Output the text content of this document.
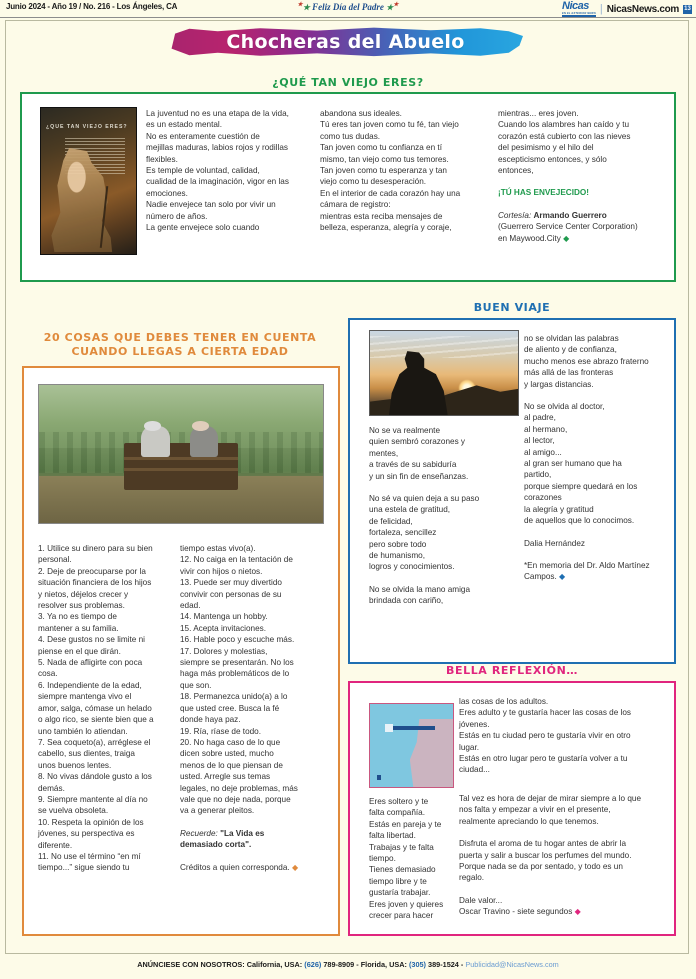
Junio 2024 - Año 19 / No. 216 - Los Ángeles, CA	★★ Feliz Día del Padre ★★	Nicas
EN EL EXTERIOR NEWS | NicasNews.com 13
Chocheras del Abuelo
¿QUÉ TAN VIEJO ERES?
¿QUE TAN VIEJO ERES?

La juventud no es una etapa de la vida,

es un estado mental.

No es enteramente cuestión de

mejillas maduras, labios rojos y rodillas

flexibles.

Es temple de voluntad, calidad,

cualidad de la imaginación, vigor en las

emociones.

Nadie envejece tan solo por vivir un

número de años.

La gente envejece solo cuando

abandona sus ideales.

Tú eres tan joven como tu fé, tan viejo

como tus dudas.

Tan joven como tu confianza en tí

mismo, tan viejo como tus temores.

Tan joven como tu esperanza y tan

viejo como tu desesperación.

En el interior de cada corazón hay una

cámara de registro:

mientras esta reciba mensajes de

belleza, esperanza, alegría y coraje,

mientras... eres joven.

Cuando los alambres han caído y tu

corazón está cubierto con las nieves

del pesimismo y el hilo del

escepticismo entonces, y sólo

entonces,

¡TÚ HAS ENVEJECIDO!

Cortesía: Armando Guerrero

(Guerrero Service Center Corporation)

en Maywood.City ◆

20 COSAS QUE DEBES TENER EN CUENTA
CUANDO LLEGAS A CIERTA EDAD

1. Utilice su dinero para su bien

personal.

2. Deje de preocuparse por la

situación financiera de los hijos

y nietos, déjelos crecer y

resolver sus problemas.

3. Ya no es tiempo de

mantener a su familia.

4. Dese gustos no se limite ni

piense en el que dirán.

5. Nada de afligirte con poca

cosa.

6. Independiente de la edad,

siempre mantenga vivo el

amor, salga, cómase un helado

o algo rico, se siente bien que a

uno también lo atiendan.

7. Sea coqueto(a), arréglese el

cabello, sus dientes, traiga

unos buenos lentes.

8. No vivas dándole gusto a los

demás.

9. Siempre mantente al día no

se vuelva obsoleta.

10. Respeta la opinión de los

jóvenes, su perspectiva es

diferente.

11. No use el término “en mí

tiempo...” sigue siendo tu

tiempo estas vivo(a).

12. No caiga en la tentación de

vivir con hijos o nietos.

13. Puede ser muy divertido

convivir con personas de su

edad.

14. Mantenga un hobby.

15. Acepta invitaciones.

16. Hable poco y escuche más.

17. Dolores y molestias,

siempre se presentarán. No los

haga más problemáticos de lo

que son.

18. Permanezca unido(a) a lo

que usted cree. Busca la fé

donde haya paz.

19. Ría, ríase de todo.

20. No haga caso de lo que

dicen sobre usted, mucho

menos de lo que piensan de

usted. Arregle sus temas

legales, no deje problemas, más

vale que no deje nada, porque

va a generar pleitos.

Recuerde: "La Vida es

demasiado corta".

Créditos a quien corresponda. ◆

BUEN VIAJE

No se va realmente

quien sembró corazones y

mentes,

a través de su sabiduría

y un sin fin de enseñanzas.

No sé va quien deja a su paso

una estela de gratitud,

de felicidad,

fortaleza, sencillez

pero sobre todo

de humanismo,

logros y conocimientos.

No se olvida la mano amiga

brindada con cariño,

no se olvidan las palabras

de aliento y de confianza,

mucho menos ese abrazo fraterno

más allá de las fronteras

y largas distancias.

No se olvida al doctor,

al padre,

al hermano,

al lector,

al amigo...

al gran ser humano que ha

partido,

porque siempre quedará en los

corazones

la alegría y gratitud

de aquellos que lo conocimos.

Dalia Hernández

*En memoria del Dr. Aldo Martínez

Campos. ◆

BELLA REFLEXIÓN…

Eres soltero y te

falta compañía.

Estás en pareja y te

falta libertad.

Trabajas y te falta

tiempo.

Tienes demasiado

tiempo libre y te

gustaría trabajar.

Eres joven y quieres

crecer para hacer

las cosas de los adultos.

Eres adulto y te gustaría hacer las cosas de los

jóvenes.

Estás en tu ciudad pero te gustaría vivir en otro

lugar.

Estás en otro lugar pero te gustaría volver a tu

ciudad...

Tal vez es hora de dejar de mirar siempre a lo que

nos falta y empezar a vivir en el presente,

realmente apreciando lo que tenemos.

Disfruta el aroma de tu hogar antes de abrir la

puerta y salir a buscar los perfumes del mundo.

Porque nada se da por sentado, y todo es un

regalo.

Dale valor...

Oscar Travino - siete segundos ◆

ANÚNCIESE CON NOSOTROS: California, USA: (626) 789-8909 - Florida, USA: (305) 389-1524 - Publicidad@NicasNews.com
